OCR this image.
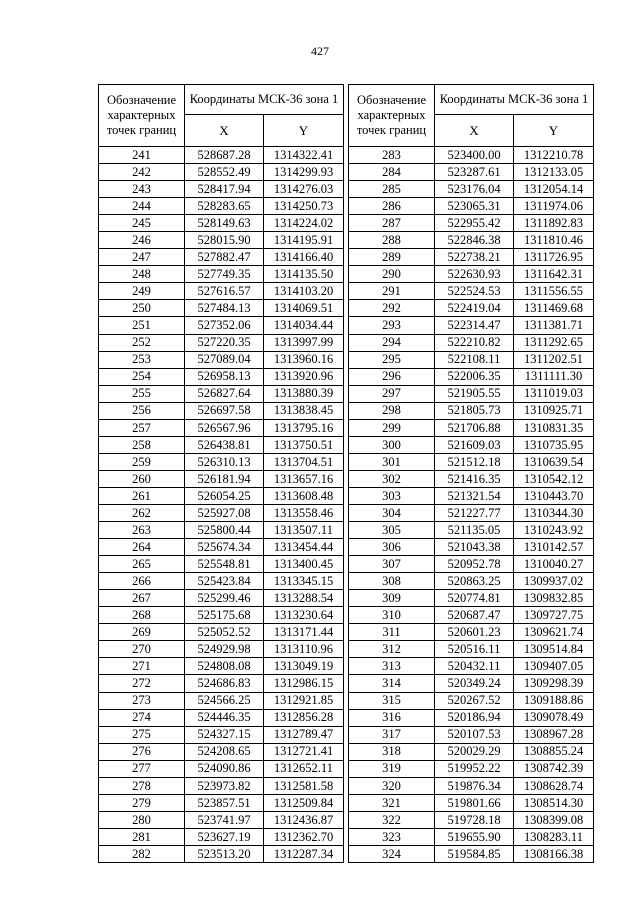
427
Обозначение характерных точек границ	Координаты МСК-36 зона 1	
	X	Y
241	528687.28	1314322.41
242	528552.49	1314299.93
243	528417.94	1314276.03
244	528283.65	1314250.73
245	528149.63	1314224.02
246	528015.90	1314195.91
247	527882.47	1314166.40
248	527749.35	1314135.50
249	527616.57	1314103.20
250	527484.13	1314069.51
251	527352.06	1314034.44
252	527220.35	1313997.99
253	527089.04	1313960.16
254	526958.13	1313920.96
255	526827.64	1313880.39
256	526697.58	1313838.45
257	526567.96	1313795.16
258	526438.81	1313750.51
259	526310.13	1313704.51
260	526181.94	1313657.16
261	526054.25	1313608.48
262	525927.08	1313558.46
263	525800.44	1313507.11
264	525674.34	1313454.44
265	525548.81	1313400.45
266	525423.84	1313345.15
267	525299.46	1313288.54
268	525175.68	1313230.64
269	525052.52	1313171.44
270	524929.98	1313110.96
271	524808.08	1313049.19
272	524686.83	1312986.15
273	524566.25	1312921.85
274	524446.35	1312856.28
275	524327.15	1312789.47
276	524208.65	1312721.41
277	524090.86	1312652.11
278	523973.82	1312581.58
279	523857.51	1312509.84
280	523741.97	1312436.87
281	523627.19	1312362.70
282	523513.20	1312287.34
Обозначение характерных точек границ	Координаты МСК-36 зона 1	
	X	Y
283	523400.00	1312210.78
284	523287.61	1312133.05
285	523176.04	1312054.14
286	523065.31	1311974.06
287	522955.42	1311892.83
288	522846.38	1311810.46
289	522738.21	1311726.95
290	522630.93	1311642.31
291	522524.53	1311556.55
292	522419.04	1311469.68
293	522314.47	1311381.71
294	522210.82	1311292.65
295	522108.11	1311202.51
296	522006.35	1311111.30
297	521905.55	1311019.03
298	521805.73	1310925.71
299	521706.88	1310831.35
300	521609.03	1310735.95
301	521512.18	1310639.54
302	521416.35	1310542.12
303	521321.54	1310443.70
304	521227.77	1310344.30
305	521135.05	1310243.92
306	521043.38	1310142.57
307	520952.78	1310040.27
308	520863.25	1309937.02
309	520774.81	1309832.85
310	520687.47	1309727.75
311	520601.23	1309621.74
312	520516.11	1309514.84
313	520432.11	1309407.05
314	520349.24	1309298.39
315	520267.52	1309188.86
316	520186.94	1309078.49
317	520107.53	1308967.28
318	520029.29	1308855.24
319	519952.22	1308742.39
320	519876.34	1308628.74
321	519801.66	1308514.30
322	519728.18	1308399.08
323	519655.90	1308283.11
324	519584.85	1308166.38
